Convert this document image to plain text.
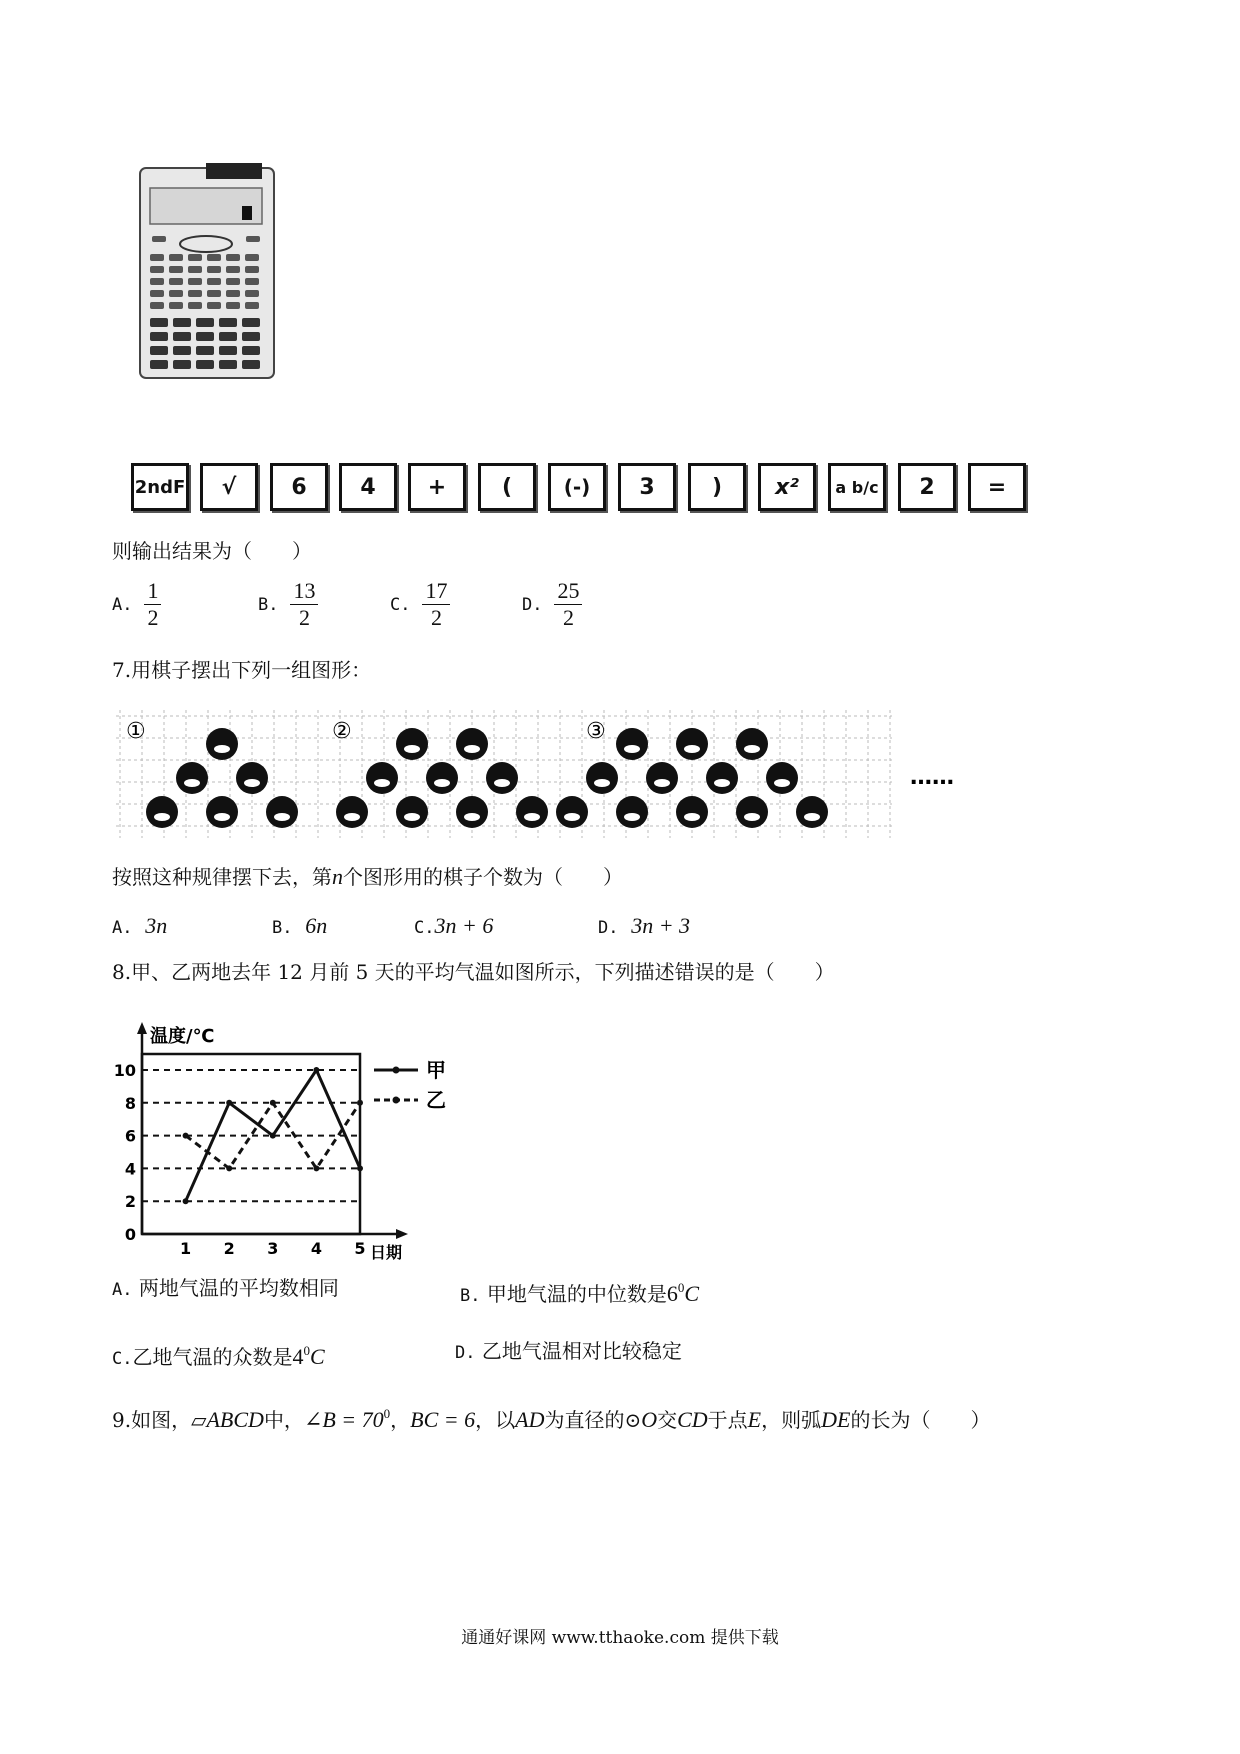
2ndF √	6 4 +	(	(-) 3	) x² a b/c 2 =
则输出结果为（　　）
A. $\frac{1}{2}$	B. $\frac{13}{2}$	C. $\frac{17}{2}$	D. $\frac{25}{2}$
7.用棋子摆出下列一组图形：
①	②	③
……
按照这种规律摆下去，第n个图形用的棋子个数为（　　）
A. 3n	B. 6n	C.3n + 6	D. 3n + 3
8.甲、乙两地去年 12 月前 5 天的平均气温如图所示，下列描述错误的是（　　）
0
2
4
6
8
10
1 2 3 4 5
温度/℃
日期
甲
乙
A. 两地气温的平均数相同	B. 甲地气温的中位数是$6^0C$
C.乙地气温的众数是$4^0C$	D. 乙地气温相对比较稳定
9.如图，▱ABCD中，∠B = $70^0$，BC = 6，以AD为直径的⊙O交CD于点E，则弧DE的长为（　　）
通通好课网 www.tthaoke.com 提供下载
